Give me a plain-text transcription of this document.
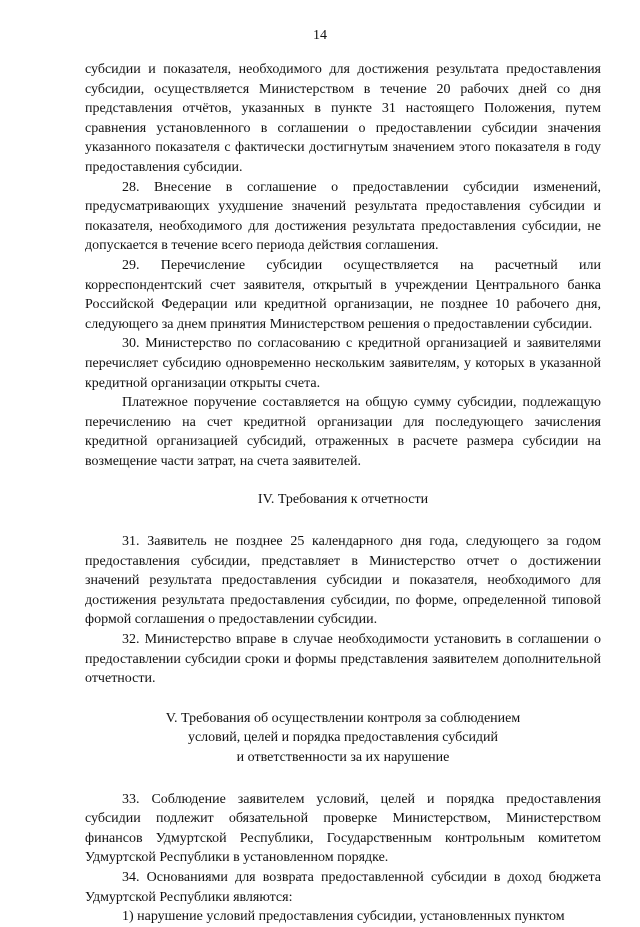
14

субсидии и показателя, необходимого для достижения результата предоставления субсидии, осуществляется Министерством в течение 20 рабочих дней со дня представления отчётов, указанных в пункте 31 настоящего Положения, путем сравнения установленного в соглашении о предоставлении субсидии значения указанного показателя с фактически достигнутым значением этого показателя в году предоставления субсидии.

28. Внесение в соглашение о предоставлении субсидии изменений, предусматривающих ухудшение значений результата предоставления субсидии и показателя, необходимого для достижения результата предоставления субсидии, не допускается в течение всего периода действия соглашения.

29. Перечисление субсидии осуществляется на расчетный или корреспондентский счет заявителя, открытый в учреждении Центрального банка Российской Федерации или кредитной организации, не позднее 10 рабочего дня, следующего за днем принятия Министерством решения о предоставлении субсидии.

30. Министерство по согласованию с кредитной организацией и заявителями перечисляет субсидию одновременно нескольким заявителям, у которых в указанной кредитной организации открыты счета.

Платежное поручение составляется на общую сумму субсидии, подлежащую перечислению на счет кредитной организации для последующего зачисления кредитной организацией субсидий, отраженных в расчете размера субсидии на возмещение части затрат, на счета заявителей.

IV. Требования к отчетности

31. Заявитель не позднее 25 календарного дня года, следующего за годом предоставления субсидии, представляет в Министерство отчет о достижении значений результата предоставления субсидии и показателя, необходимого для достижения результата предоставления субсидии, по форме, определенной типовой формой соглашения о предоставлении субсидии.

32. Министерство вправе в случае необходимости установить в соглашении о предоставлении субсидии сроки и формы представления заявителем дополнительной отчетности.

V. Требования об осуществлении контроля за соблюдением
условий, целей и порядка предоставления субсидий
и ответственности за их нарушение

33. Соблюдение заявителем условий, целей и порядка предоставления субсидии подлежит обязательной проверке Министерством, Министерством финансов Удмуртской Республики, Государственным контрольным комитетом Удмуртской Республики в установленном порядке.

34. Основаниями для возврата предоставленной субсидии в доход бюджета Удмуртской Республики являются:

1) нарушение условий предоставления субсидии, установленных пунктом
